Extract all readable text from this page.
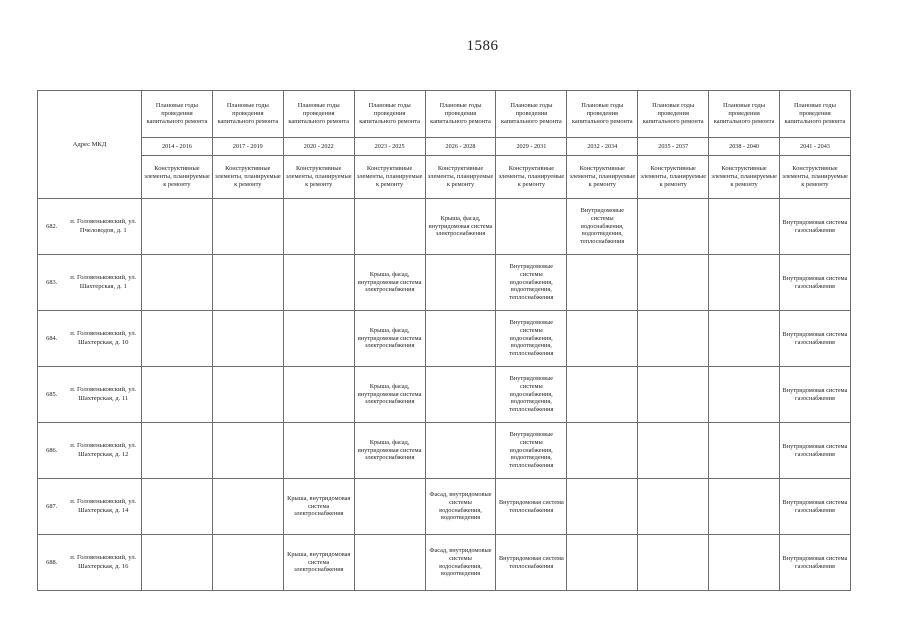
1586
Адрес МКД		Плановые годы проведения капитального ремонта	Плановые годы проведения капитального ремонта	Плановые годы проведения капитального ремонта	Плановые годы проведения капитального ремонта	Плановые годы проведения капитального ремонта	Плановые годы проведения капитального ремонта	Плановые годы проведения капитального ремонта	Плановые годы проведения капитального ремонта	Плановые годы проведения капитального ремонта	Плановые годы проведения капитального ремонта
		2014 - 2016	2017 - 2019	2020 - 2022	2023 - 2025	2026 - 2028	2029 - 2031	2032 - 2034	2035 - 2037	2038 - 2040	2041 - 2043
		Конструктивные элементы, планируемые к ремонту	Конструктивные элементы, планируемые к ремонту	Конструктивные элементы, планируемые к ремонту	Конструктивные элементы, планируемые к ремонту	Конструктивные элементы, планируемые к ремонту	Конструктивные элементы, планируемые к ремонту	Конструктивные элементы, планируемые к ремонту	Конструктивные элементы, планируемые к ремонту	Конструктивные элементы, планируемые к ремонту	Конструктивные элементы, планируемые к ремонту
682.	п. Головеньковский, ул. Пчеловодов, д. 1					Крыша, фасад, внутридомовая система электроснабжения		Внутридомовые системы водоснабжения, водоотведения, теплоснабжения			Внутридомовая система газоснабжения
683.	п. Головеньковский, ул. Шахтерская, д. 1				Крыша, фасад, внутридомовая система электроснабжения		Внутридомовые системы водоснабжения, водоотведения, теплоснабжения				Внутридомовая система газоснабжения
684.	п. Головеньковский, ул. Шахтерская, д. 10				Крыша, фасад, внутридомовая система электроснабжения		Внутридомовые системы водоснабжения, водоотведения, теплоснабжения				Внутридомовая система газоснабжения
685.	п. Головеньковский, ул. Шахтерская, д. 11				Крыша, фасад, внутридомовая система электроснабжения		Внутридомовые системы водоснабжения, водоотведения, теплоснабжения				Внутридомовая система газоснабжения
686.	п. Головеньковский, ул. Шахтерская, д. 12				Крыша, фасад, внутридомовая система электроснабжения		Внутридомовые системы водоснабжения, водоотведения, теплоснабжения				Внутридомовая система газоснабжения
687.	п. Головеньковский, ул. Шахтерская, д. 14			Крыша, внутридомовая система электроснабжения		Фасад, внутридомовые системы водоснабжения, водоотведения	Внутридомовая система теплоснабжения				Внутридомовая система газоснабжения
688.	п. Головеньковский, ул. Шахтерская, д. 16			Крыша, внутридомовая система электроснабжения		Фасад, внутридомовые системы водоснабжения, водоотведения	Внутридомовая система теплоснабжения				Внутридомовая система газоснабжения
